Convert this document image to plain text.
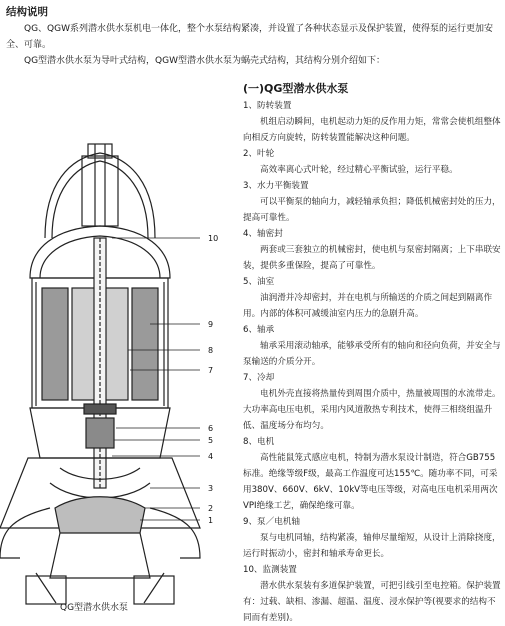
结构说明

QG、QGW系列潜水供水泵机电一体化，整个水泵结构紧凑，并设置了各种状态显示及保护装置，使得泵的运行更加安全、可靠。

QG型潜水供水泵为导叶式结构，QGW型潜水供水泵为蜗壳式结构，其结构分别介绍如下：

10
9
8
7
6
5
4
3
2
1
QG型潜水供水泵
(一)QG型潜水供水泵

1、防转装置

机组启动瞬间，电机起动力矩的反作用力矩，常常会使机组整体向相反方向旋转，防转装置能解决这种问题。

2、叶轮

高效率离心式叶轮，经过精心平衡试验，运行平稳。

3、水力平衡装置

可以平衡泵的轴向力，减轻轴承负担；降低机械密封处的压力，提高可靠性。

4、轴密封

两套或三套独立的机械密封，使电机与泵密封隔离；上下串联安装，提供多重保险，提高了可靠性。

5、油室

油润滑并冷却密封，并在电机与所输送的介质之间起到隔离作用。内部的体积可减缓油室内压力的急剧升高。

6、轴承

轴承采用滚动轴承，能够承受所有的轴向和径向负荷，并安全与泵输送的介质分开。

7、冷却

电机外壳直接将热量传到周围介质中，热量被周围的水流带走。大功率高电压电机，采用内风道散热专利技术，使得三相绕组温升低、温度场分布均匀。

8、电机

高性能鼠笼式感应电机，特制为潜水泵设计制造，符合GB755标准。绝缘等级F级，最高工作温度可达155℃。随功率不同，可采用380V、660V、6kV、10kV等电压等级，对高电压电机采用两次VPI绝缘工艺，确保绝缘可靠。

9、泵／电机轴

泵与电机同轴，结构紧凑，轴伸尽量缩短，从设计上消除挠度，运行时振动小，密封和轴承寿命更长。

10、监测装置

潜水供水泵装有多道保护装置，可把引线引至电控箱。保护装置有：过载、缺相、渗漏、超温、温度、浸水保护等(视要求的结构不同而有差别)。
